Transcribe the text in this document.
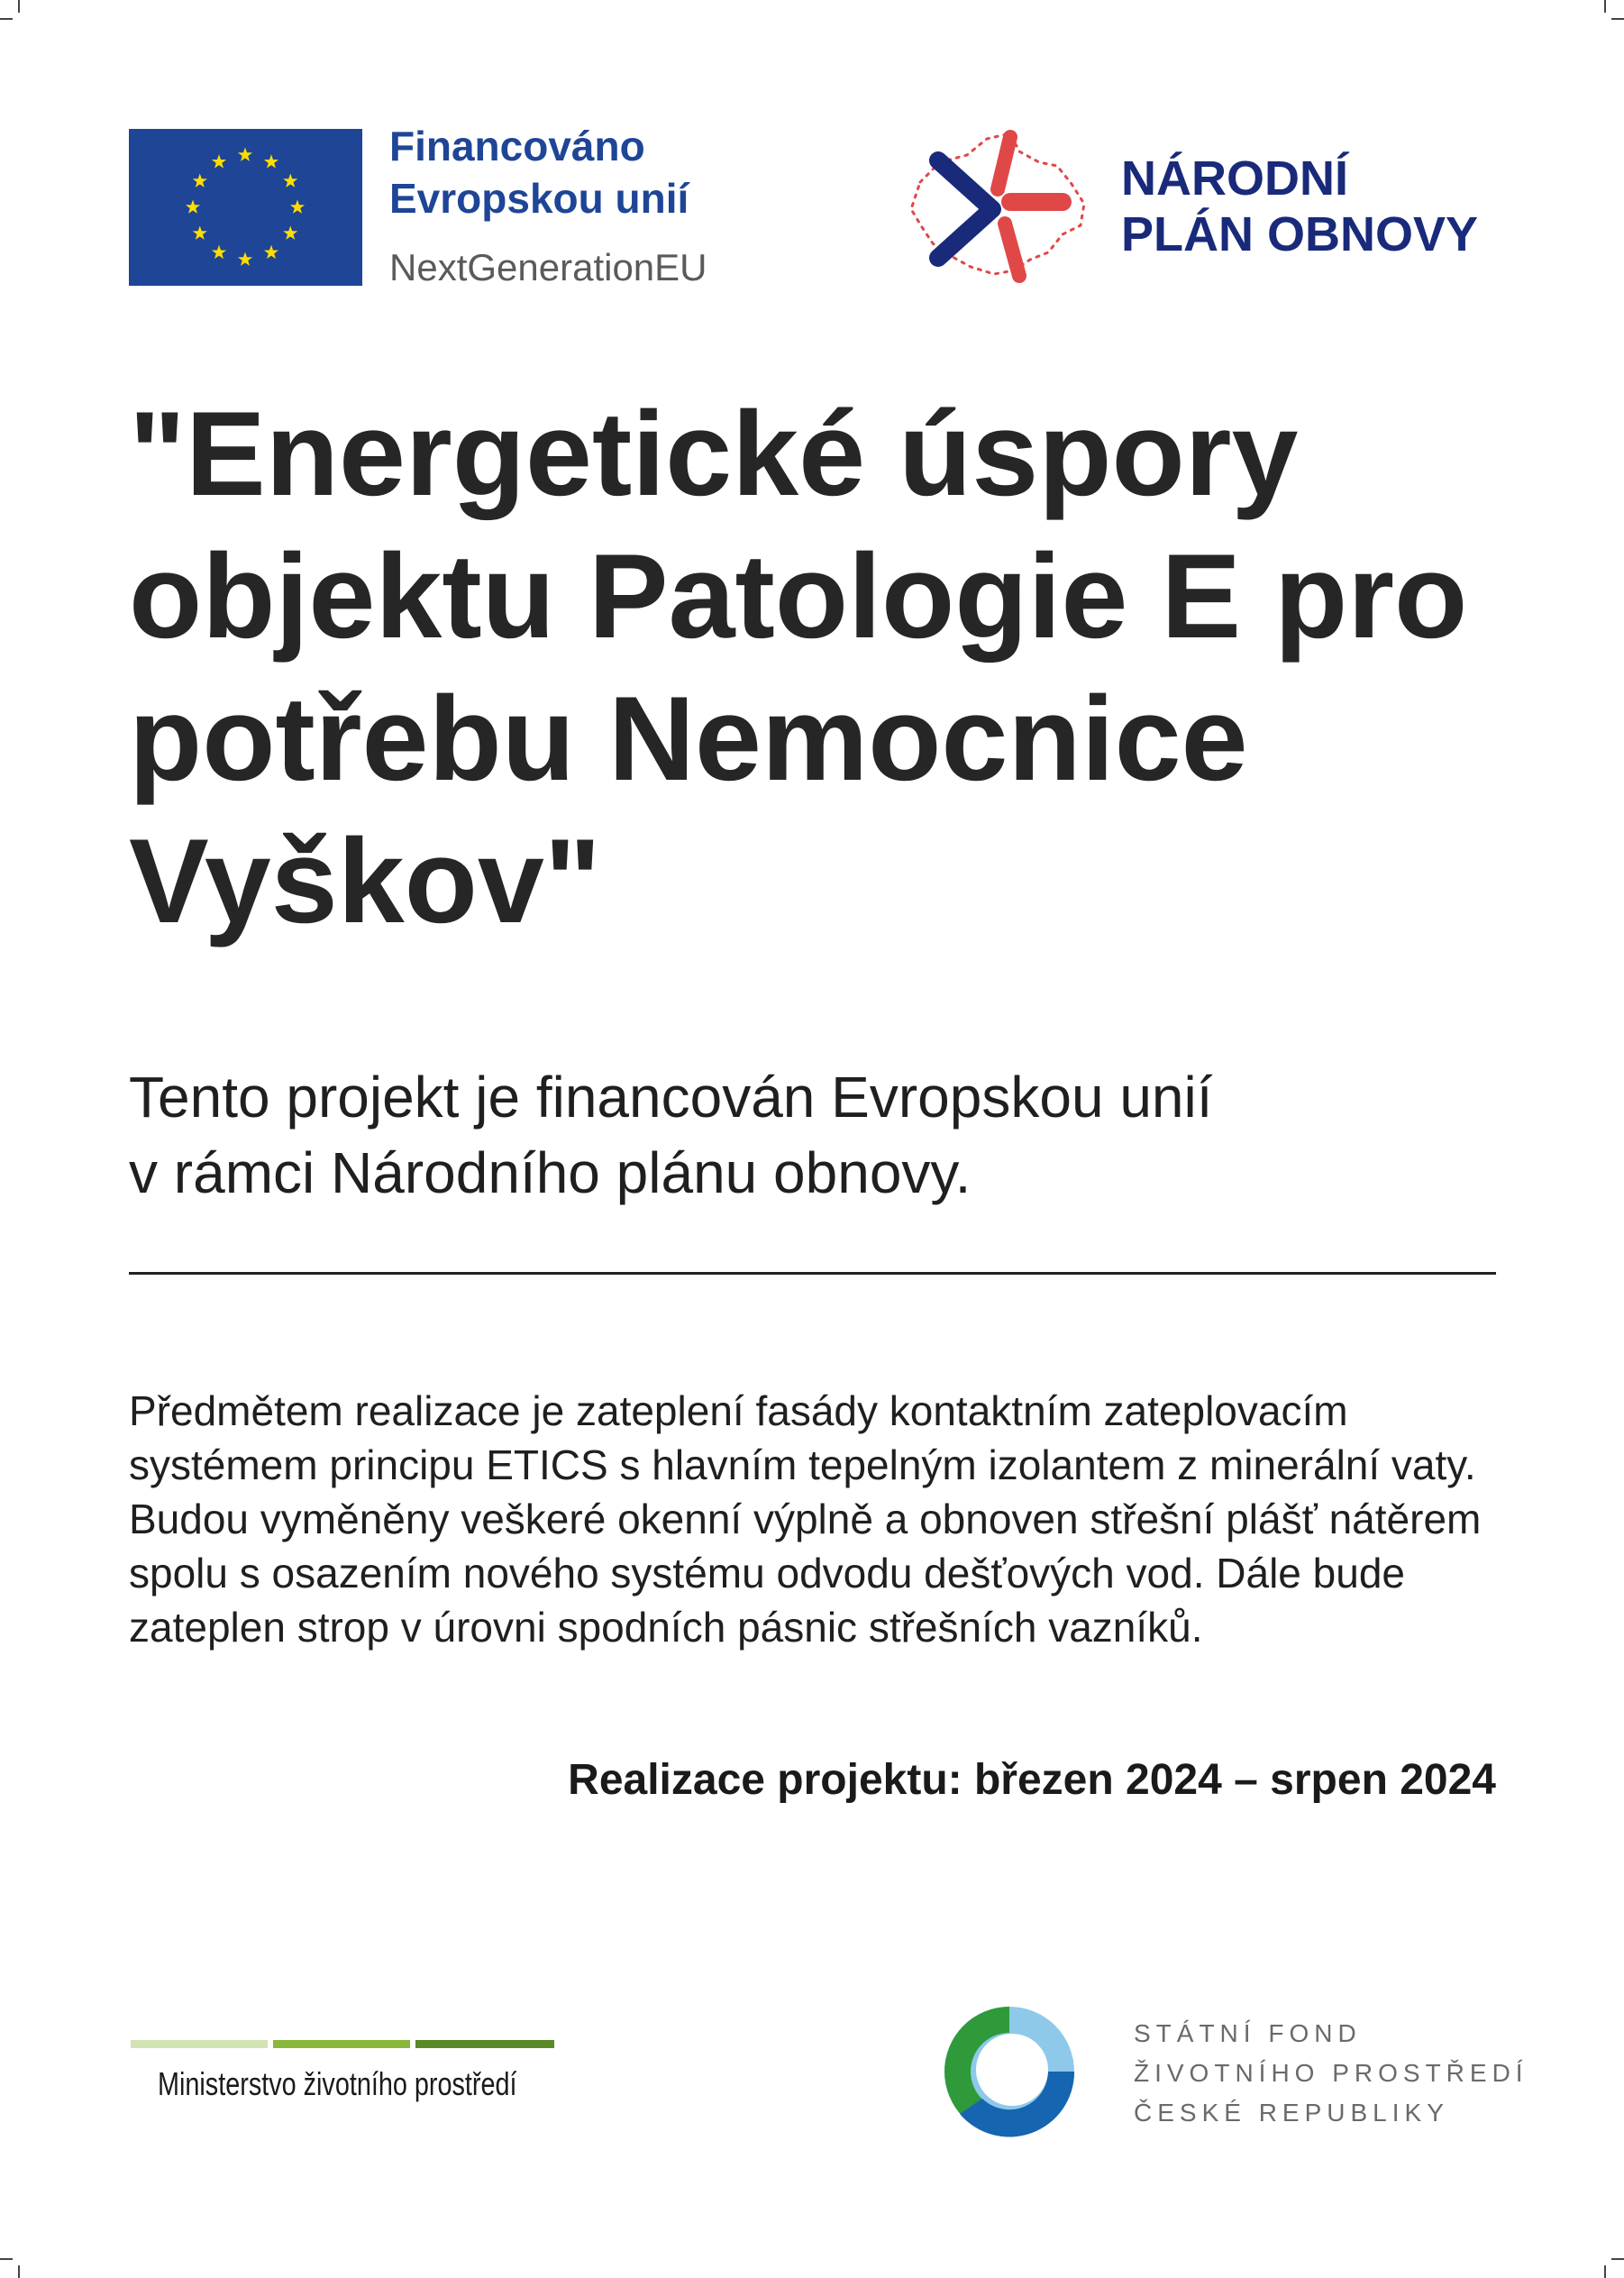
Financováno
Evropskou unií
NextGenerationEU
NÁRODNÍ
PLÁN OBNOVY
"Energetické úspory objektu Patologie E pro potřebu Nemocnice Vyškov"
Tento projekt je financován Evropskou unií
v rámci Národního plánu obnovy.
Předmětem realizace je zateplení fasády kontaktním zateplovacím systémem principu ETICS s hlavním tepelným izolantem z minerální vaty. Budou vyměněny veškeré okenní výplně a obnoven střešní plášť nátěrem spolu s osazením nového systému odvodu dešťových vod. Dále bude zateplen strop v úrovni spodních pásnic střešních vazníků.
Realizace projektu: březen 2024 – srpen 2024
Ministerstvo životního prostředí
STÁTNÍ FOND
ŽIVOTNÍHO PROSTŘEDÍ
ČESKÉ REPUBLIKY
